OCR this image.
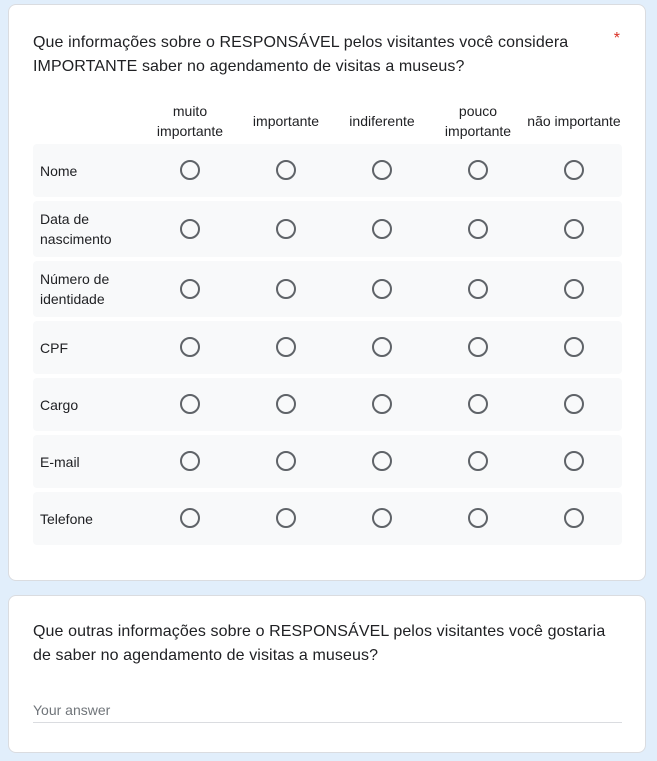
Que informações sobre o RESPONSÁVEL pelos visitantes você considera IMPORTANTE saber no agendamento de visitas a museus?
*
muito importante
importante	indiferente
pouco importante
não importante
Nome
Data de nascimento
Número de identidade
CPF
Cargo
E-mail
Telefone
Que outras informações sobre o RESPONSÁVEL pelos visitantes você gostaria de saber no agendamento de visitas a museus?
Your answer
